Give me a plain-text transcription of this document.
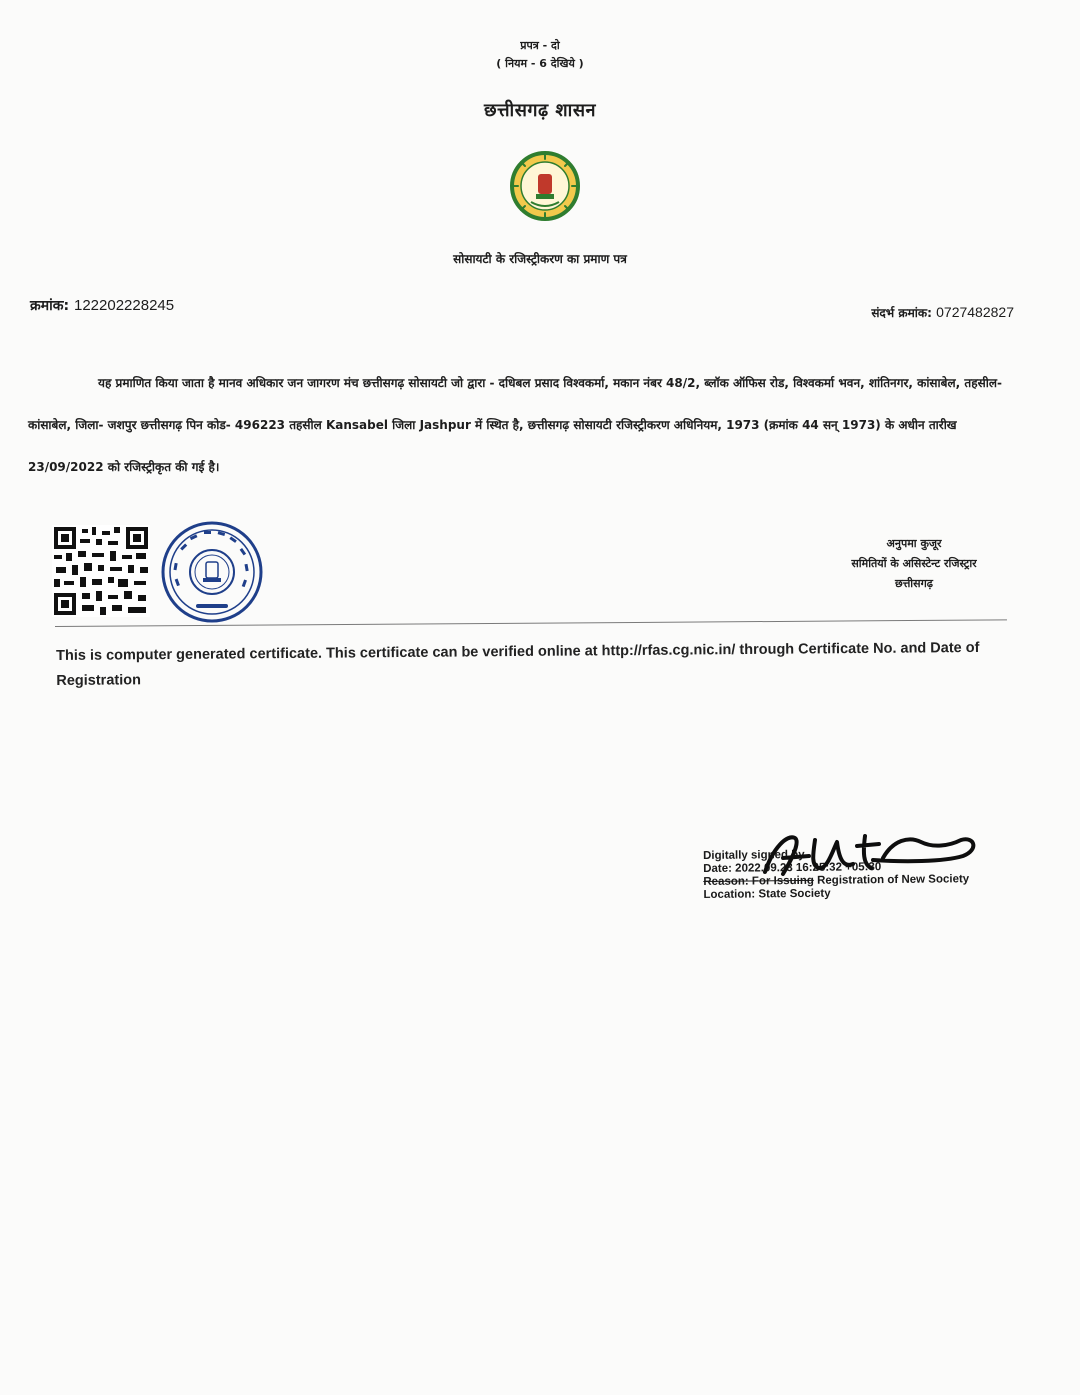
प्रपत्र - दो
( नियम - 6 देखिये )
छत्तीसगढ़ शासन
सोसायटी के रजिस्ट्रीकरण का प्रमाण पत्र
क्रमांक: 122202228245	संदर्भ क्रमांक: 0727482827
यह प्रमाणित किया जाता है मानव अधिकार जन जागरण मंच छत्तीसगढ़ सोसायटी जो द्वारा - दधिबल प्रसाद विश्वकर्मा, मकान नंबर 48/2, ब्लॉक ऑफिस रोड, विश्वकर्मा भवन, शांतिनगर, कांसाबेल, तहसील- कांसाबेल, जिला- जशपुर छत्तीसगढ़ पिन कोड- 496223 तहसील Kansabel जिला Jashpur में स्थित है, छत्तीसगढ़ सोसायटी रजिस्ट्रीकरण अधिनियम, 1973 (क्रमांक 44 सन् 1973) के अधीन तारीख 23/09/2022 को रजिस्ट्रीकृत की गई है।
अनुपमा कुजूर
समितियों के असिस्टेन्ट रजिस्ट्रार
छत्तीसगढ़
This is computer generated certificate. This certificate can be verified online at http://rfas.cg.nic.in/ through Certificate No. and Date of Registration
Digitally signed by
Date: 2022.09.23 16:25:32 +05:30
Reason: For Issuing Registration of New Society
Location: State Society
